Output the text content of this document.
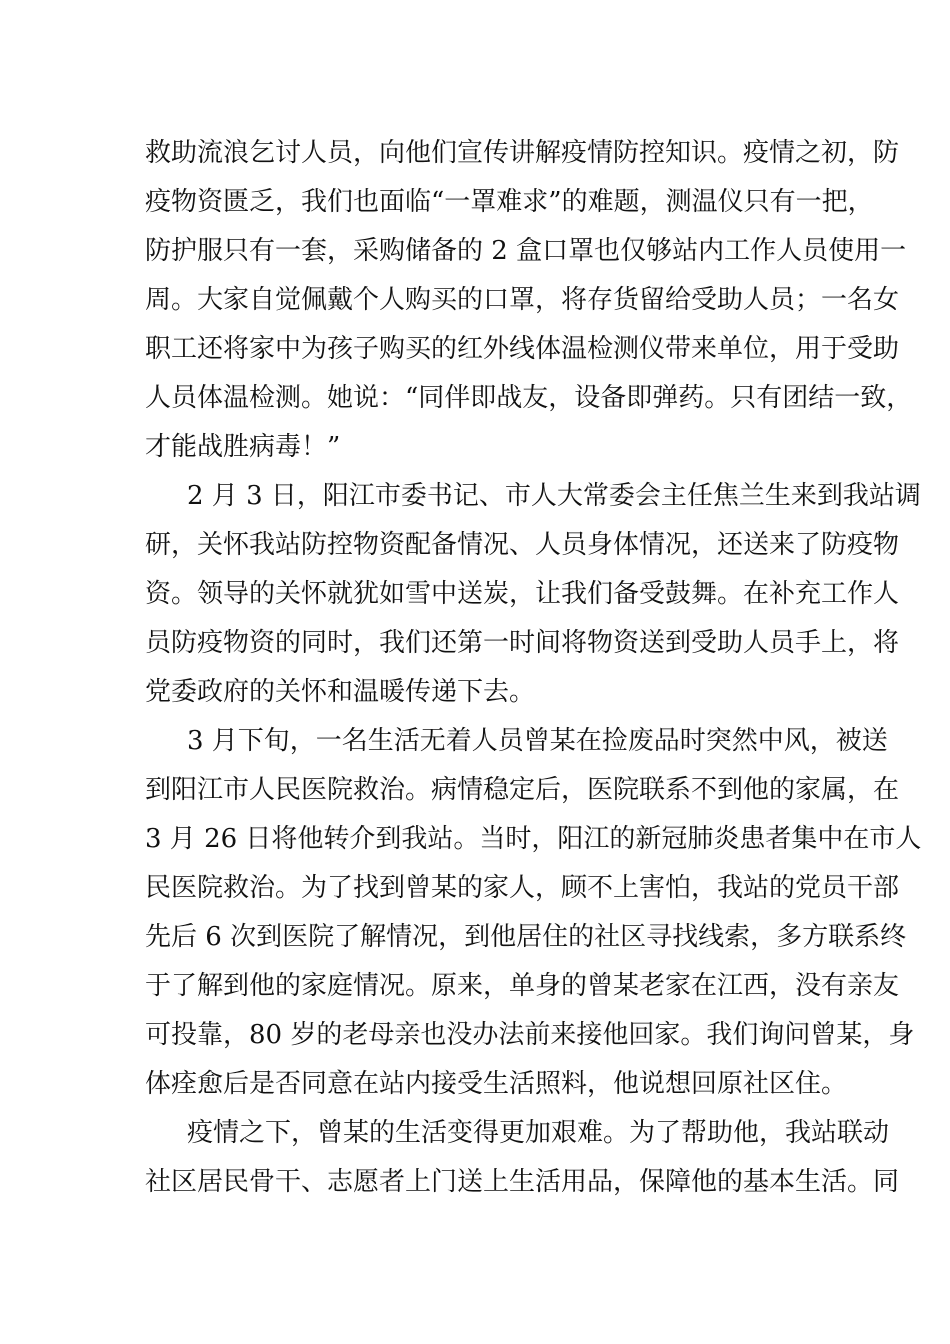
救助流浪乞讨人员，向他们宣传讲解疫情防控知识。疫情之初，防
疫物资匮乏，我们也面临“一罩难求”的难题，测温仪只有一把，
防护服只有一套，采购储备的 2 盒口罩也仅够站内工作人员使用一
周。大家自觉佩戴个人购买的口罩，将存货留给受助人员；一名女
职工还将家中为孩子购买的红外线体温检测仪带来单位，用于受助
人员体温检测。她说：“同伴即战友，设备即弹药。只有团结一致，
才能战胜病毒！”
2 月 3 日，阳江市委书记、市人大常委会主任焦兰生来到我站调
研，关怀我站防控物资配备情况、人员身体情况，还送来了防疫物
资。领导的关怀就犹如雪中送炭，让我们备受鼓舞。在补充工作人
员防疫物资的同时，我们还第一时间将物资送到受助人员手上，将
党委政府的关怀和温暖传递下去。
3 月下旬，一名生活无着人员曾某在捡废品时突然中风，被送
到阳江市人民医院救治。病情稳定后，医院联系不到他的家属，在
3 月 26 日将他转介到我站。当时，阳江的新冠肺炎患者集中在市人
民医院救治。为了找到曾某的家人，顾不上害怕，我站的党员干部
先后 6 次到医院了解情况，到他居住的社区寻找线索，多方联系终
于了解到他的家庭情况。原来，单身的曾某老家在江西，没有亲友
可投靠，80 岁的老母亲也没办法前来接他回家。我们询问曾某，身
体痊愈后是否同意在站内接受生活照料，他说想回原社区住。
疫情之下，曾某的生活变得更加艰难。为了帮助他，我站联动
社区居民骨干、志愿者上门送上生活用品，保障他的基本生活。同
